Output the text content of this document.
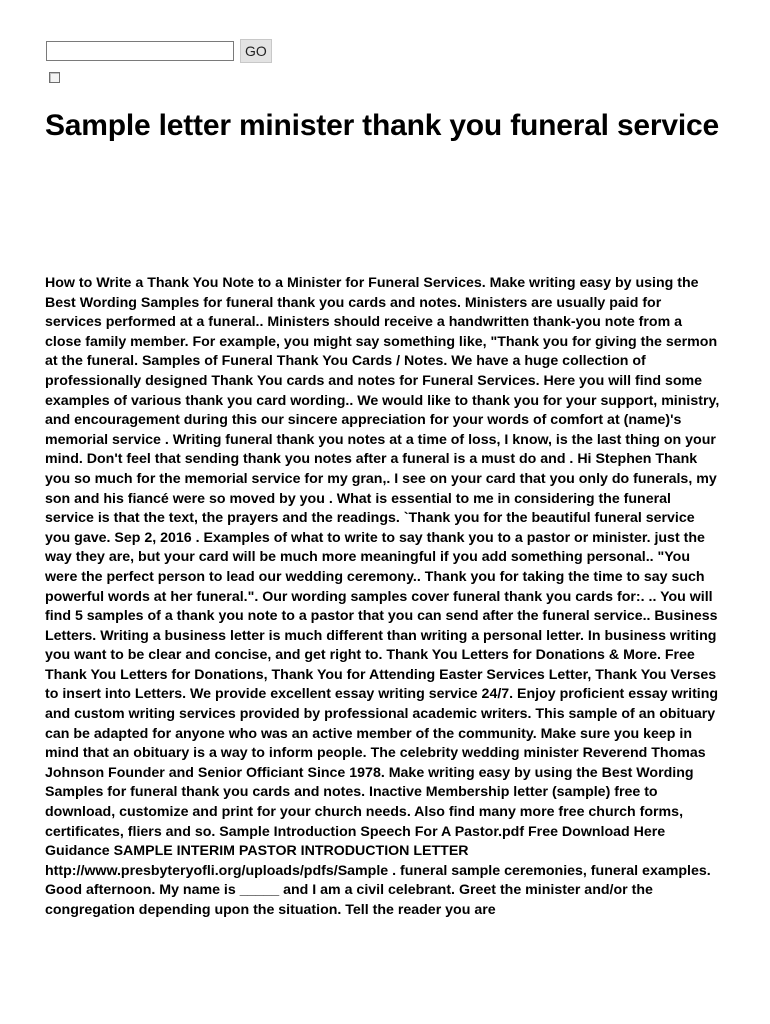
GO
Sample letter minister thank you funeral service

How to Write a Thank You Note to a Minister for Funeral Services. Make writing easy by using the Best Wording Samples for funeral thank you cards and notes. Ministers are usually paid for services performed at a funeral.. Ministers should receive a handwritten thank-you note from a close family member. For example, you might say something like, "Thank you for giving the sermon at the funeral. Samples of Funeral Thank You Cards / Notes. We have a huge collection of professionally designed Thank You cards and notes for Funeral Services. Here you will find some examples of various thank you card wording.. We would like to thank you for your support, ministry, and encouragement during this our sincere appreciation for your words of comfort at (name)'s memorial service . Writing funeral thank you notes at a time of loss, I know, is the last thing on your mind. Don't feel that sending thank you notes after a funeral is a must do and . Hi Stephen Thank you so much for the memorial service for my gran,. I see on your card that you only do funerals, my son and his fiancé were so moved by you . What is essential to me in considering the funeral service is that the text, the prayers and the readings. `Thank you for the beautiful funeral service you gave. Sep 2, 2016 . Examples of what to write to say thank you to a pastor or minister. just the way they are, but your card will be much more meaningful if you add something personal.. "You were the perfect person to lead our wedding ceremony.. Thank you for taking the time to say such powerful words at her funeral.". Our wording samples cover funeral thank you cards for:. .. You will find 5 samples of a thank you note to a pastor that you can send after the funeral service.. Business Letters. Writing a business letter is much different than writing a personal letter. In business writing you want to be clear and concise, and get right to. Thank You Letters for Donations & More. Free Thank You Letters for Donations, Thank You for Attending Easter Services Letter, Thank You Verses to insert into Letters. We provide excellent essay writing service 24/7. Enjoy proficient essay writing and custom writing services provided by professional academic writers. This sample of an obituary can be adapted for anyone who was an active member of the community. Make sure you keep in mind that an obituary is a way to inform people. The celebrity wedding minister Reverend Thomas Johnson Founder and Senior Officiant Since 1978. Make writing easy by using the Best Wording Samples for funeral thank you cards and notes. Inactive Membership letter (sample) free to download, customize and print for your church needs. Also find many more free church forms, certificates, fliers and so. Sample Introduction Speech For A Pastor.pdf Free Download Here Guidance SAMPLE INTERIM PASTOR INTRODUCTION LETTER http://www.presbyteryofli.org/uploads/pdfs/Sample . funeral sample ceremonies, funeral examples. Good afternoon. My name is _____ and I am a civil celebrant. Greet the minister and/or the congregation depending upon the situation. Tell the reader you are
